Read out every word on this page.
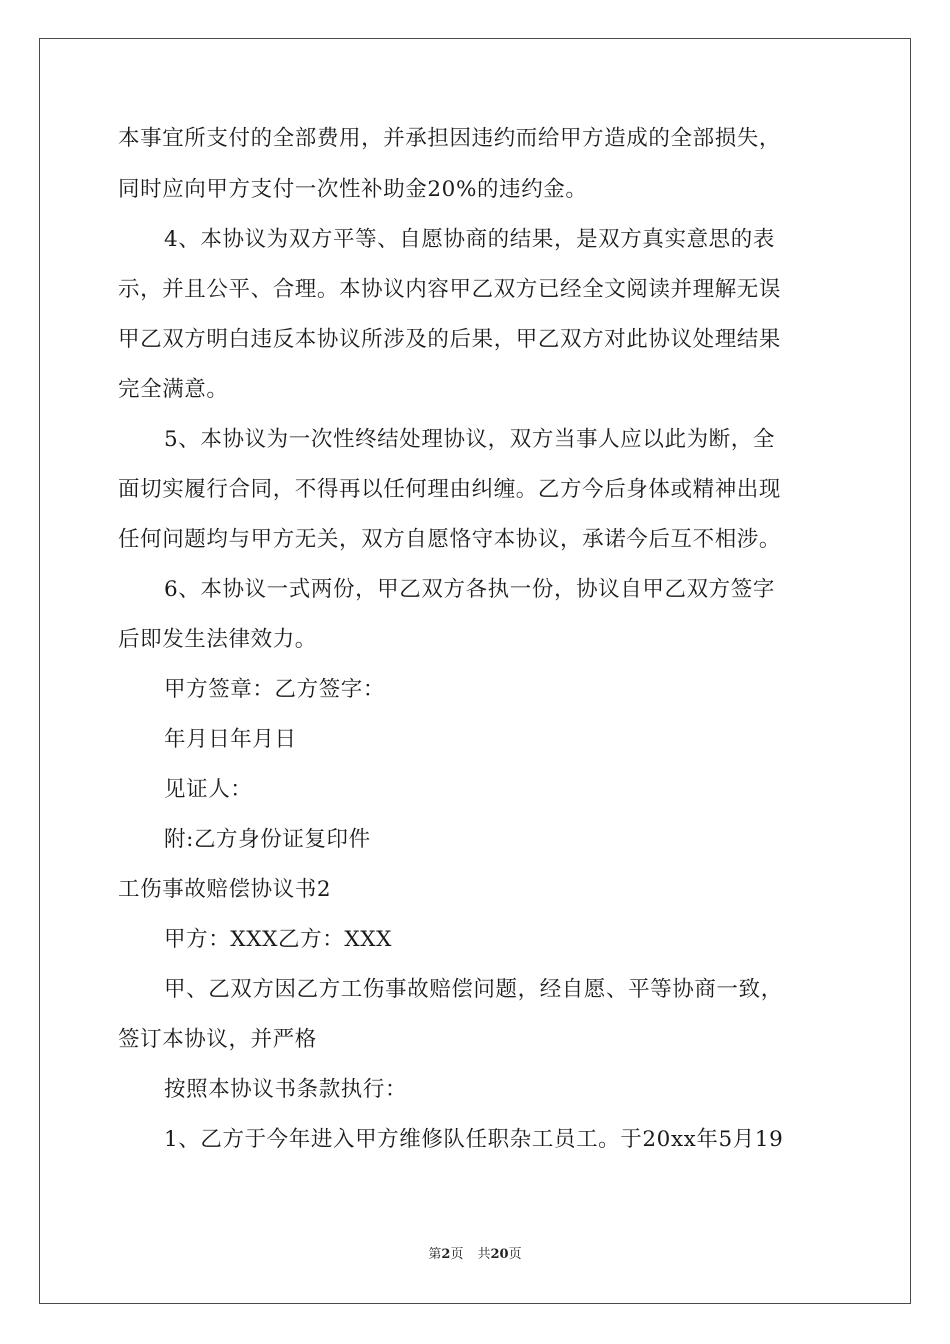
本事宜所支付的全部费用，并承担因违约而给甲方造成的全部损失，
同时应向甲方支付一次性补助金20%的违约金。
4、本协议为双方平等、自愿协商的结果，是双方真实意思的表
示，并且公平、合理。本协议内容甲乙双方已经全文阅读并理解无误
甲乙双方明白违反本协议所涉及的后果，甲乙双方对此协议处理结果
完全满意。
5、本协议为一次性终结处理协议，双方当事人应以此为断，全
面切实履行合同，不得再以任何理由纠缠。乙方今后身体或精神出现
任何问题均与甲方无关，双方自愿恪守本协议，承诺今后互不相涉。
6、本协议一式两份，甲乙双方各执一份，协议自甲乙双方签字
后即发生法律效力。
甲方签章：乙方签字：
年月日年月日
见证人：
附:乙方身份证复印件
工伤事故赔偿协议书2
甲方：XXX乙方：XXX
甲、乙双方因乙方工伤事故赔偿问题，经自愿、平等协商一致，
签订本协议，并严格
按照本协议书条款执行：
1、乙方于今年进入甲方维修队任职杂工员工。于20xx年5月19
第2页 共20页
